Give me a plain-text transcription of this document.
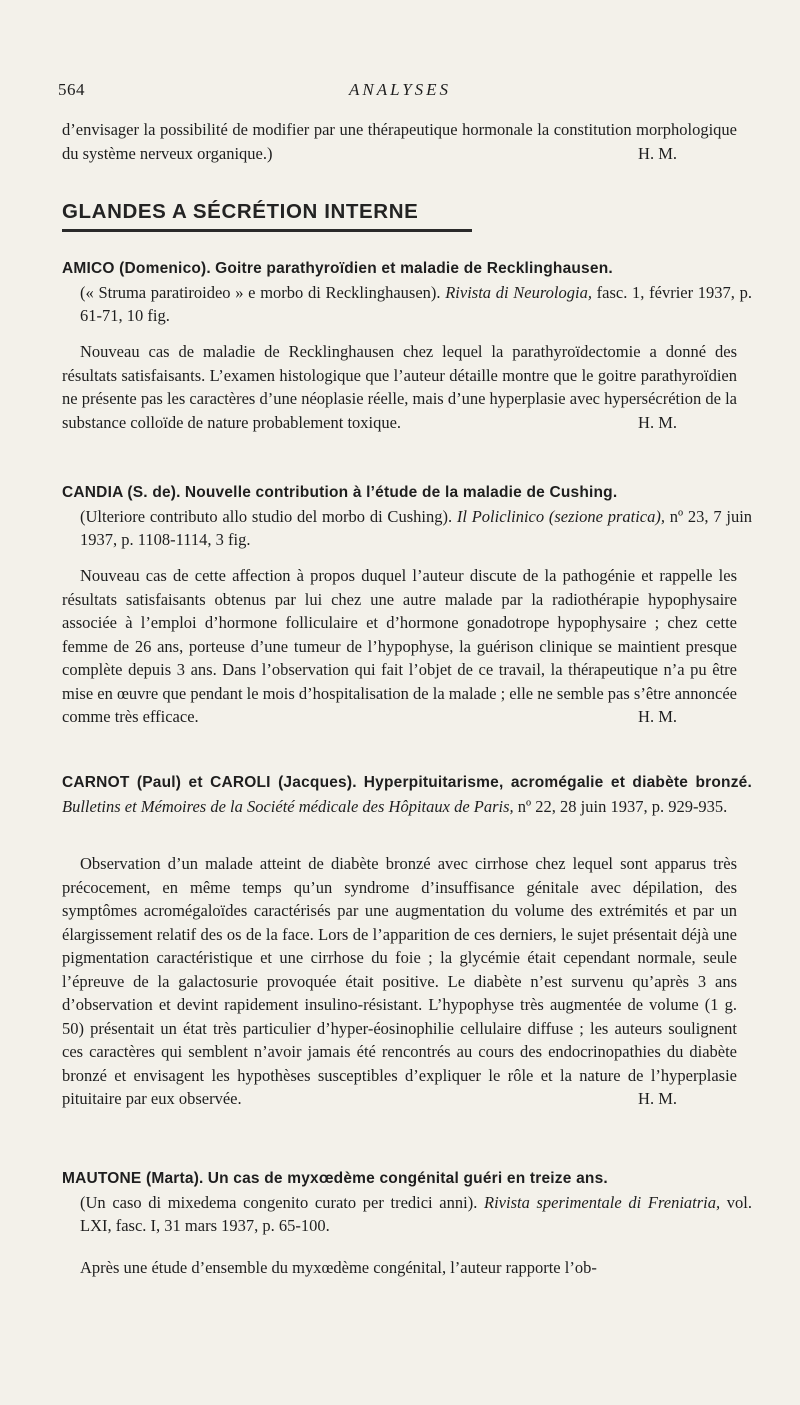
564	ANALYSES
d’envisager la possibilité de modifier par une thérapeutique hormonale la constitution morphologique du système nerveux organique.)	H. M.
GLANDES A SÉCRÉTION INTERNE
AMICO (Domenico). Goitre parathyroïdien et maladie de Recklinghausen.
(« Struma paratiroideo » e morbo di Recklinghausen). Rivista di Neurologia, fasc. 1, février 1937, p. 61-71, 10 fig.
Nouveau cas de maladie de Recklinghausen chez lequel la parathyroïdectomie a donné des résultats satisfaisants. L’examen histologique que l’auteur détaille montre que le goitre parathyroïdien ne présente pas les caractères d’une néoplasie réelle, mais d’une hyperplasie avec hypersécrétion de la substance colloïde de nature probablement toxique.	H. M.
CANDIA (S. de). Nouvelle contribution à l’étude de la maladie de Cushing.
(Ulteriore contributo allo studio del morbo di Cushing). Il Policlinico (sezione pratica), nº 23, 7 juin 1937, p. 1108-1114, 3 fig.
Nouveau cas de cette affection à propos duquel l’auteur discute de la pathogénie et rappelle les résultats satisfaisants obtenus par lui chez une autre malade par la radiothérapie hypophysaire associée à l’emploi d’hormone folliculaire et d’hormone gonadotrope hypophysaire ; chez cette femme de 26 ans, porteuse d’une tumeur de l’hypophyse, la guérison clinique se maintient presque complète depuis 3 ans. Dans l’observation qui fait l’objet de ce travail, la thérapeutique n’a pu être mise en œuvre que pendant le mois d’hospitalisation de la malade ; elle ne semble pas s’être annoncée comme très efficace.	H. M.
CARNOT (Paul) et CAROLI (Jacques). Hyperpituitarisme, acromégalie et diabète bronzé. Bulletins et Mémoires de la Société médicale des Hôpitaux de Paris, nº 22, 28 juin 1937, p. 929-935.
Observation d’un malade atteint de diabète bronzé avec cirrhose chez lequel sont apparus très précocement, en même temps qu’un syndrome d’insuffisance génitale avec dépilation, des symptômes acromégaloïdes caractérisés par une augmentation du volume des extrémités et par un élargissement relatif des os de la face. Lors de l’apparition de ces derniers, le sujet présentait déjà une pigmentation caractéristique et une cirrhose du foie ; la glycémie était cependant normale, seule l’épreuve de la galactosurie provoquée était positive. Le diabète n’est survenu qu’après 3 ans d’observation et devint rapidement insulino-résistant. L’hypophyse très augmentée de volume (1 g. 50) présentait un état très particulier d’hyper-éosinophilie cellulaire diffuse ; les auteurs soulignent ces caractères qui semblent n’avoir jamais été rencontrés au cours des endocrinopathies du diabète bronzé et envisagent les hypothèses susceptibles d’expliquer le rôle et la nature de l’hyperplasie pituitaire par eux observée.	H. M.
MAUTONE (Marta). Un cas de myxœdème congénital guéri en treize ans.
(Un caso di mixedema congenito curato per tredici anni). Rivista sperimentale di Freniatria, vol. LXI, fasc. I, 31 mars 1937, p. 65-100.
Après une étude d’ensemble du myxœdème congénital, l’auteur rapporte l’ob-
